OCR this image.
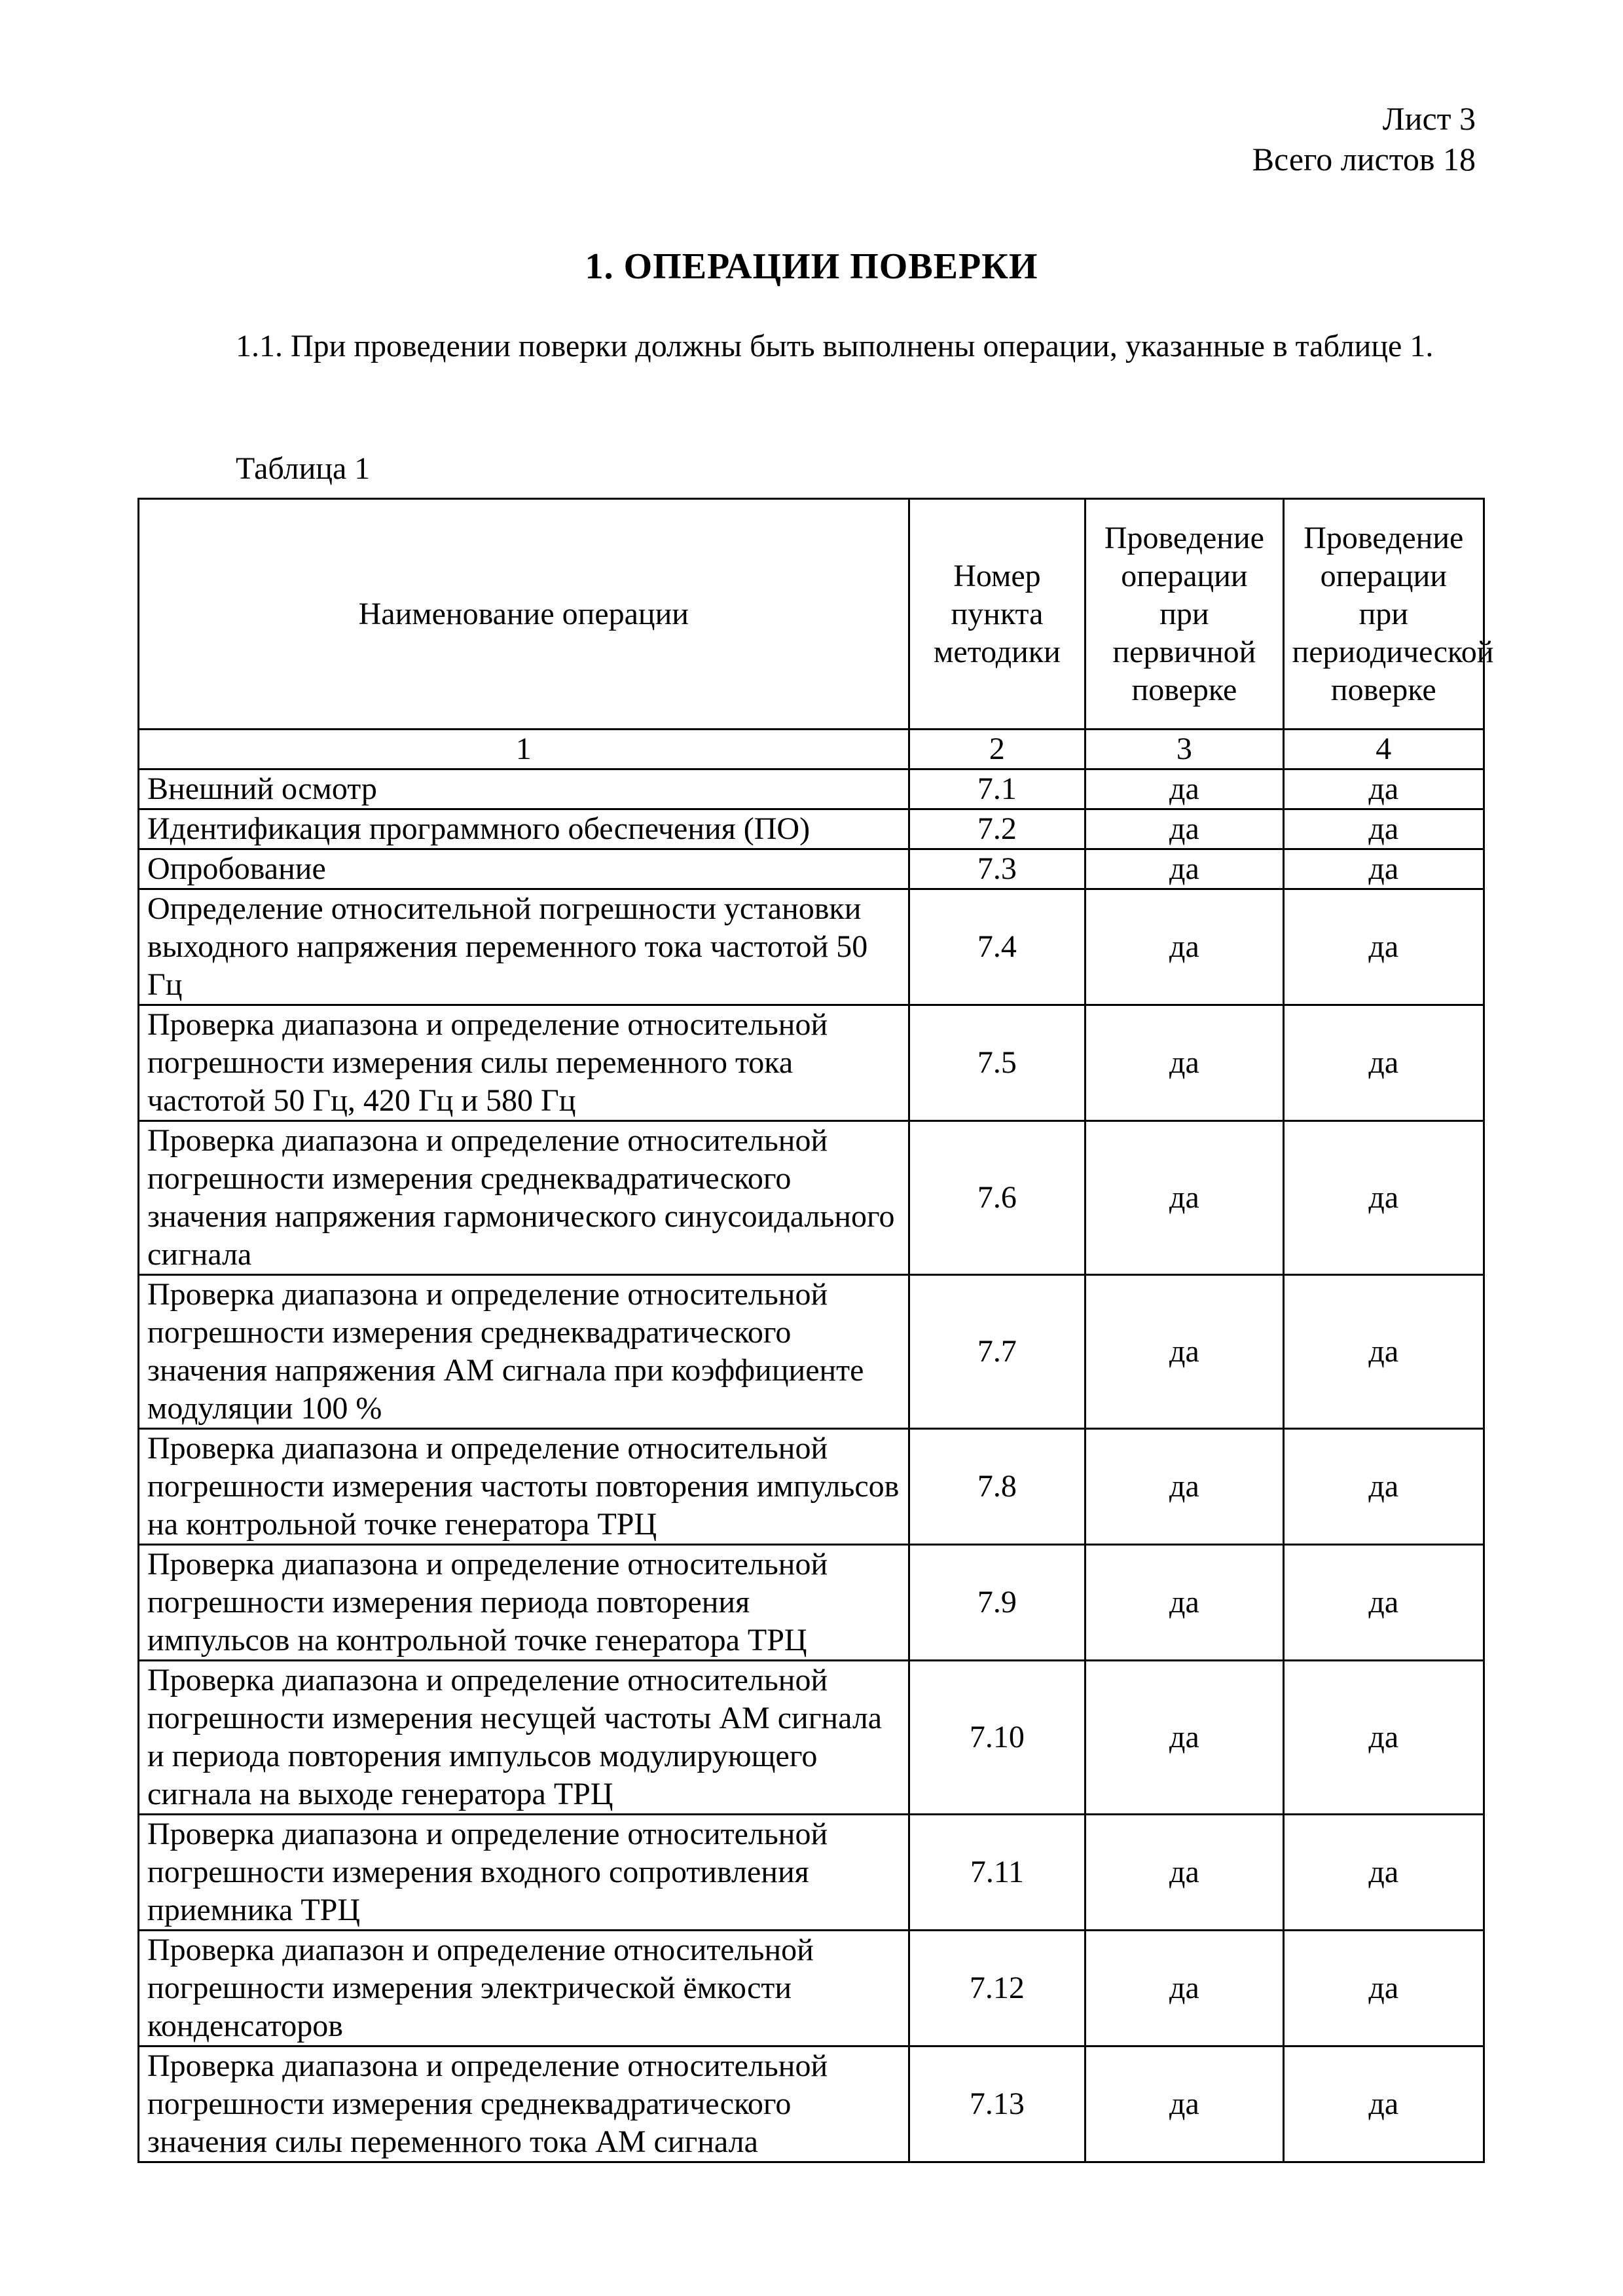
Лист 3
Всего листов 18
1. ОПЕРАЦИИ ПОВЕРКИ
1.1. При проведении поверки должны быть выполнены операции, указанные в таблице 1.
Таблица 1
Наименование операции	Номер пункта методики	Проведение операции при первичной поверке	Проведение операции при периодической поверке
1	2	3	4
Внешний осмотр	7.1	да	да
Идентификация программного обеспечения (ПО)	7.2	да	да
Опробование	7.3	да	да
Определение относительной погрешности установки выходного напряжения переменного тока частотой 50 Гц	7.4	да	да
Проверка диапазона и определение относительной погрешности измерения силы переменного тока частотой 50 Гц, 420 Гц и 580 Гц	7.5	да	да
Проверка диапазона и определение относительной погрешности измерения среднеквадратического значения напряжения гармонического синусоидального сигнала	7.6	да	да
Проверка диапазона и определение относительной погрешности измерения среднеквадратического значения напряжения АМ сигнала при коэффициенте модуляции 100 %	7.7	да	да
Проверка диапазона и определение относительной погрешности измерения частоты повторения импульсов на контрольной точке генератора ТРЦ	7.8	да	да
Проверка диапазона и определение относительной погрешности измерения периода повторения импульсов на контрольной точке генератора ТРЦ	7.9	да	да
Проверка диапазона и определение относительной погрешности измерения несущей частоты АМ сигнала и периода повторения импульсов модулирующего сигнала на выходе генератора ТРЦ	7.10	да	да
Проверка диапазона и определение относительной погрешности измерения входного сопротивления приемника ТРЦ	7.11	да	да
Проверка диапазон и определение относительной погрешности измерения электрической ёмкости конденсаторов	7.12	да	да
Проверка диапазона и определение относительной погрешности измерения среднеквадратического значения силы переменного тока АМ сигнала	7.13	да	да
